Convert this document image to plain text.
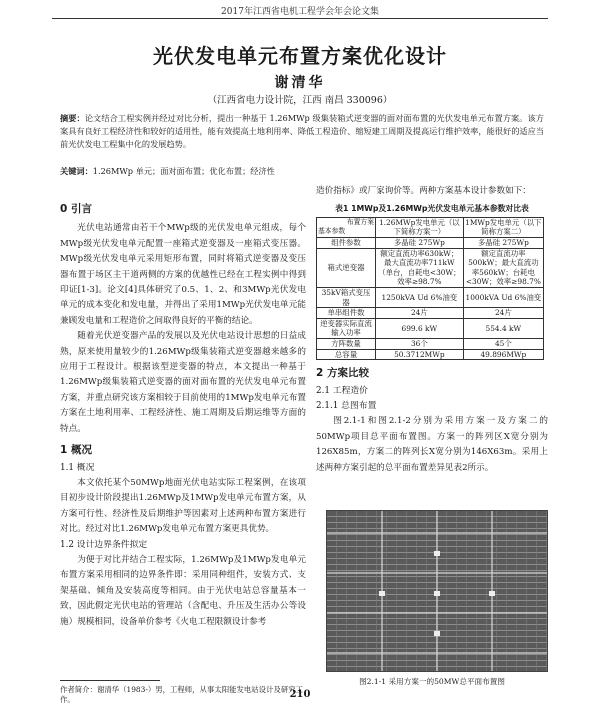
2017年江西省电机工程学会年会论文集
光伏发电单元布置方案优化设计
谢清华
（江西省电力设计院，江西 南昌 330096）
摘要：论文结合工程实例并经过对比分析，提出一种基于 1.26MWp 级集装箱式逆变器的面对面布置的光伏发电单元布置方案。该方案具有良好工程经济性和较好的适用性，能有效提高土地利用率、降低工程造价、缩短建工周期及提高运行维护效率，能很好的适应当前光伏发电工程集中化的发展趋势。
关键词：1.26MWp 单元；面对面布置；优化布置；经济性
0 引言

光伏电站通常由若干个MWp级的光伏发电单元组成，每个MWp级光伏发电单元配置一座箱式逆变器及一座箱式变压器。MWp级光伏发电单元采用矩形布置，同时将箱式逆变器及变压器布置于场区主干道两侧的方案的优越性已经在工程实例中得到印证[1-3]。论文[4]具体研究了0.5、1、2、和3MWp光伏发电单元的成本变化和发电量，并得出了采用1MWp光伏发电单元能兼顾发电量和工程造价之间取得良好的平衡的结论。

随着光伏逆变器产品的发展以及光伏电站设计思想的日益成熟，原来使用量较少的1.26MWp级集装箱式逆变器越来越多的应用于工程设计。根据该型逆变器的特点，本文提出一种基于1.26MWp级集装箱式逆变器的面对面布置的光伏发电单元布置方案，并重点研究该方案相较于目前使用的1MWp发电单元布置方案在土地利用率、工程经济性、施工周期及后期运维等方面的特点。

1 概况
1.1 概况

本文依托某个50MWp地面光伏电站实际工程案例，在该项目初步设计阶段提出1.26MWp及1MWp发电单元布置方案，从方案可行性、经济性及后期维护等因素对上述两种布置方案进行对比。经过对比1.26MWp发电单元布置方案更具优势。

1.2 设计边界条件拟定

为便于对比并结合工程实际，1.26MWp及1MWp发电单元布置方案采用相同的边界条件即：采用同种组件，安装方式、支架基础、倾角及安装高度等相同。由于光伏电站总容量基本一致，因此假定光伏电站的管理站（含配电、升压及生活办公等设施）规模相同，设备单价参考《火电工程限额设计参考

造价指标》或厂家询价等。两种方案基本设计参数如下：
表1 1MWp及1.26MWp光伏发电单元基本参数对比表
布置方案
基本参数	1.26MWp发电单元（以下简称方案一）	1MWp发电单元（以下简称方案二）
组件参数	多晶硅 275Wp	多晶硅 275Wp
箱式逆变器	额定直流功率630kW；最大直流功率711kW（单台，自耗电<30W；效率≥98.7%	额定直流功率500kW；最大直流功率560kW；台耗电<30W；效率≥98.7%
35kV箱式变压器	1250kVA Ud 6%油变	1000kVA Ud 6%油变
单串组件数	24片	24片
逆变器实际直流输入功率	699.6 kW	554.4 kW
方阵数量	36个	45个
总容量	50.3712MWp	49.896MWp
2 方案比较
2.1 工程造价
2.1.1 总图布置

图2.1-1和图2.1-2分别为采用方案一及方案二的50MWp项目总平面布置图。方案一的阵列区X宽分别为126X85m，方案二的阵列长X宽分别为146X63m。采用上述两种方案引起的总平面布置差异见表2所示。

图2.1-1 采用方案一的50MW总平面布置图
作者简介：谢清华（1983-）男，工程师，从事太阳能发电站设计及研究工作。	210
